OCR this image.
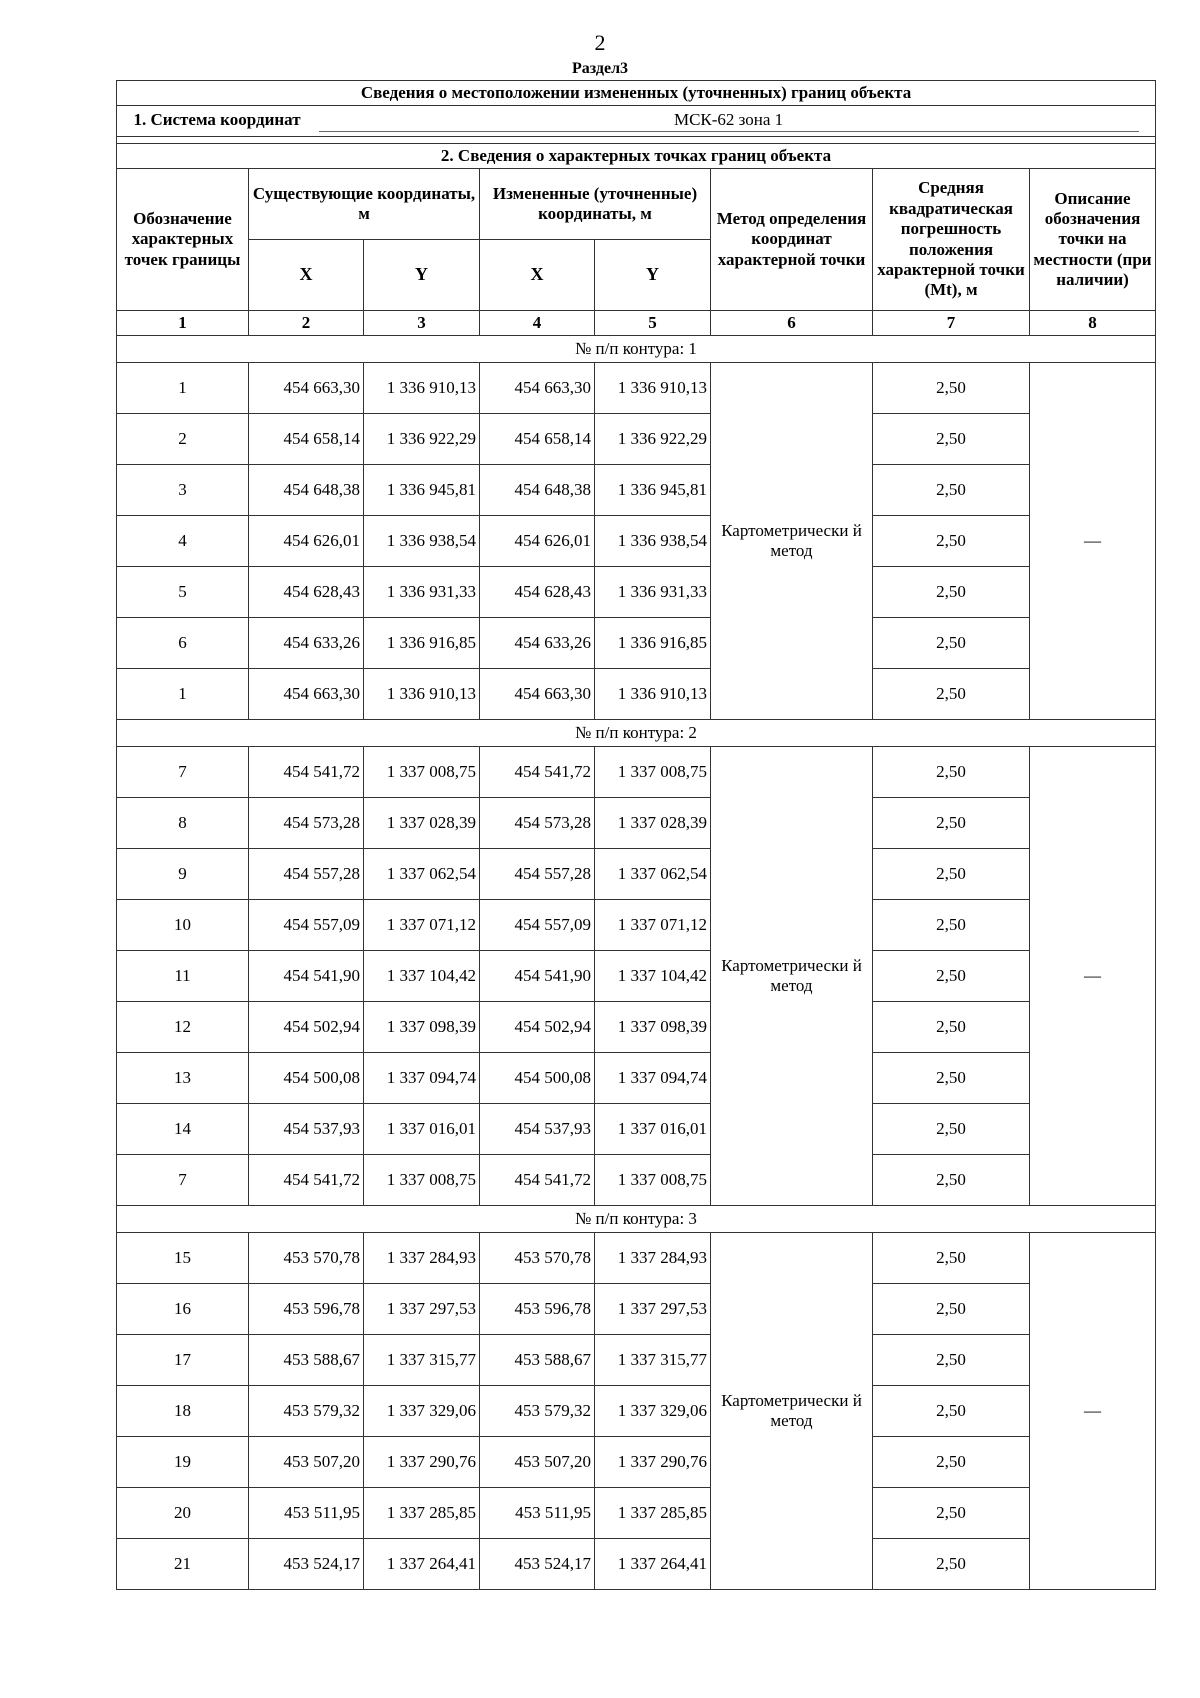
2
Раздел3
Сведения о местоположении измененных (уточненных) границ объекта							
1. Система координат МСК-62 зона 1							

2. Сведения о характерных точках границ объекта							
Обозначение характерных точек границы	Существующие координаты, м		Измененные (уточненные) координаты, м		Метод определения координат характерной точки	Средняя квадратическая погрешность положения характерной точки (Mt), м	Описание обозначения точки на местности (при наличии)
	X	Y	X	Y			
1	2	3	4	5	6	7	8
№ п/п контура: 1							
1	454 663,30	1 336 910,13	454 663,30	1 336 910,13	Картометрически й метод	2,50	—
2	454 658,14	1 336 922,29	454 658,14	1 336 922,29		2,50	
3	454 648,38	1 336 945,81	454 648,38	1 336 945,81		2,50	
4	454 626,01	1 336 938,54	454 626,01	1 336 938,54		2,50	
5	454 628,43	1 336 931,33	454 628,43	1 336 931,33		2,50	
6	454 633,26	1 336 916,85	454 633,26	1 336 916,85		2,50	
1	454 663,30	1 336 910,13	454 663,30	1 336 910,13		2,50	
№ п/п контура: 2							
7	454 541,72	1 337 008,75	454 541,72	1 337 008,75	Картометрически й метод	2,50	—
8	454 573,28	1 337 028,39	454 573,28	1 337 028,39		2,50	
9	454 557,28	1 337 062,54	454 557,28	1 337 062,54		2,50	
10	454 557,09	1 337 071,12	454 557,09	1 337 071,12		2,50	
11	454 541,90	1 337 104,42	454 541,90	1 337 104,42		2,50	
12	454 502,94	1 337 098,39	454 502,94	1 337 098,39		2,50	
13	454 500,08	1 337 094,74	454 500,08	1 337 094,74		2,50	
14	454 537,93	1 337 016,01	454 537,93	1 337 016,01		2,50	
7	454 541,72	1 337 008,75	454 541,72	1 337 008,75		2,50	
№ п/п контура: 3							
15	453 570,78	1 337 284,93	453 570,78	1 337 284,93	Картометрически й метод	2,50	—
16	453 596,78	1 337 297,53	453 596,78	1 337 297,53		2,50	
17	453 588,67	1 337 315,77	453 588,67	1 337 315,77		2,50	
18	453 579,32	1 337 329,06	453 579,32	1 337 329,06		2,50	
19	453 507,20	1 337 290,76	453 507,20	1 337 290,76		2,50	
20	453 511,95	1 337 285,85	453 511,95	1 337 285,85		2,50	
21	453 524,17	1 337 264,41	453 524,17	1 337 264,41		2,50	
